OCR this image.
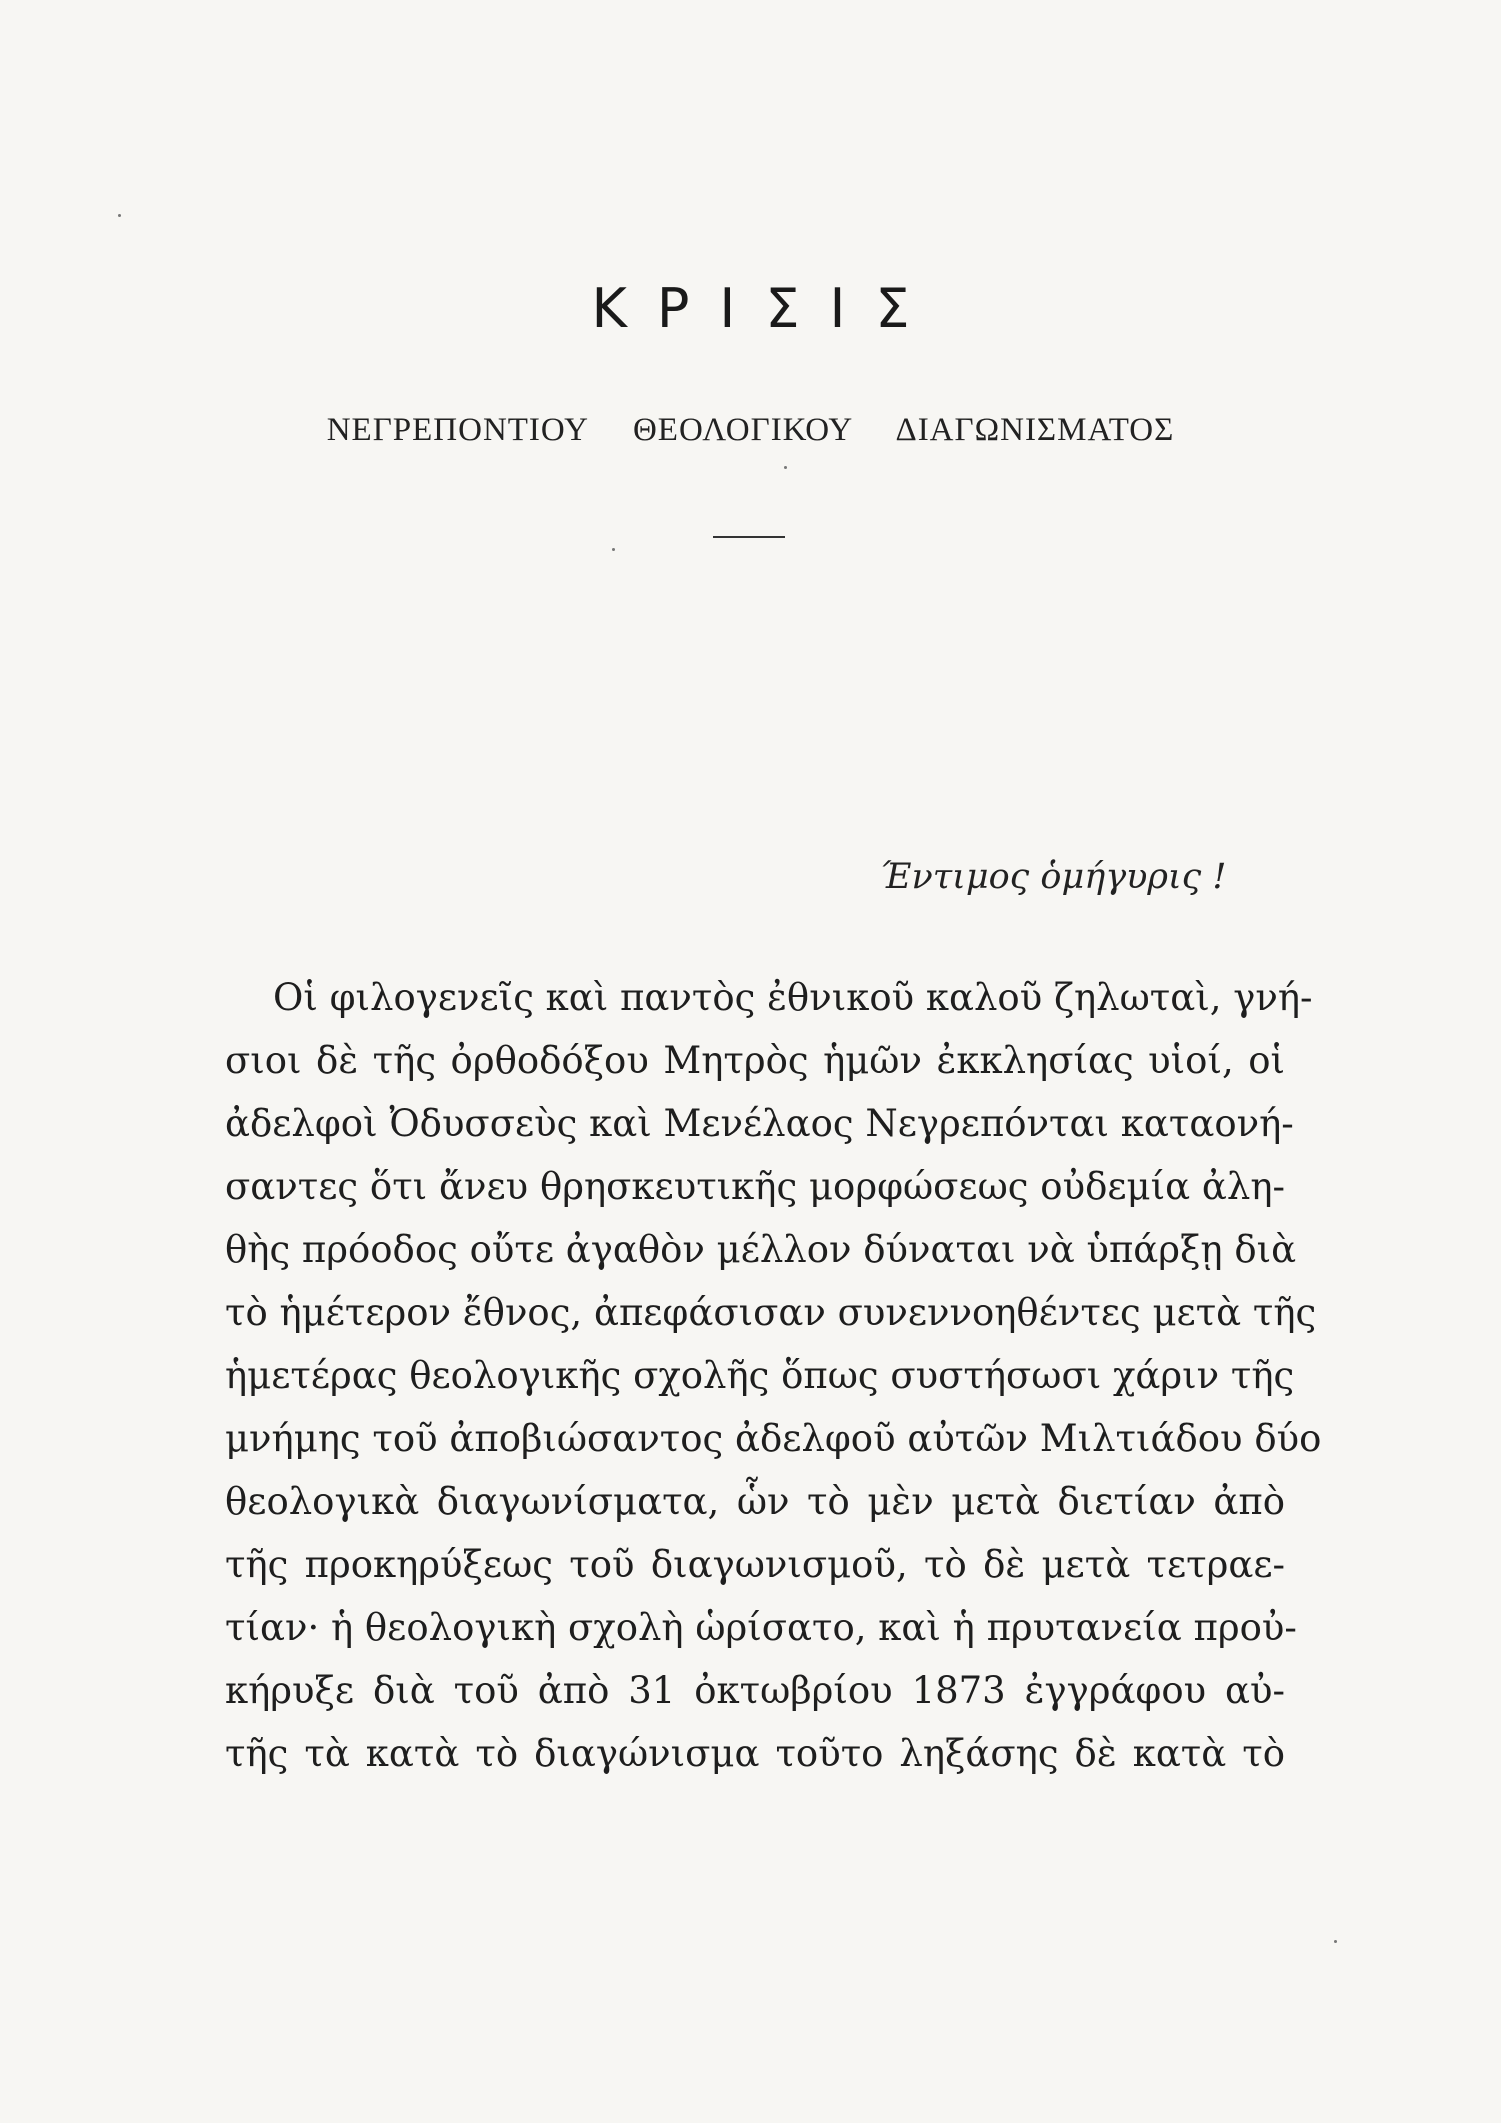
ΚΡΙΣΙΣ
ΝΕΓΡΕΠΟΝΤΙΟΥ ΘΕΟΛΟΓΙΚΟΥ ΔΙΑΓΩΝΙΣΜΑΤΟΣ
Έντιμος ὁμήγυρις !
Οἱ φιλογενεῖς καὶ παντὸς ἐθνικοῦ καλοῦ ζηλωταὶ, γνή-
σιοι δὲ τῆς ὀρθοδόξου Μητρὸς ἡμῶν ἐκκλησίας υἱοί, οἱ
ἀδελφοὶ Ὀδυσσεὺς καὶ Μενέλαος Νεγρεπόνται καταονή-
σαντες ὅτι ἄνευ θρησκευτικῆς μορφώσεως οὐδεμία ἀλη-
θὴς πρόοδος οὔτε ἀγαθὸν μέλλον δύναται νὰ ὑπάρξῃ διὰ
τὸ ἡμέτερον ἔθνος, ἀπεφάσισαν συνεννοηθέντες μετὰ τῆς
ἡμετέρας θεολογικῆς σχολῆς ὅπως συστήσωσι χάριν τῆς
μνήμης τοῦ ἀποβιώσαντος ἀδελφοῦ αὐτῶν Μιλτιάδου δύο
θεολογικὰ διαγωνίσματα, ὧν τὸ μὲν μετὰ διετίαν ἀπὸ
τῆς προκηρύξεως τοῦ διαγωνισμοῦ, τὸ δὲ μετὰ τετραε-
τίαν· ἡ θεολογικὴ σχολὴ ὡρίσατο, καὶ ἡ πρυτανεία προὐ-
κήρυξε διὰ τοῦ ἀπὸ 31 ὀκτωβρίου 1873 ἐγγράφου αὐ-
τῆς τὰ κατὰ τὸ διαγώνισμα τοῦτο ληξάσης δὲ κατὰ τὸ
